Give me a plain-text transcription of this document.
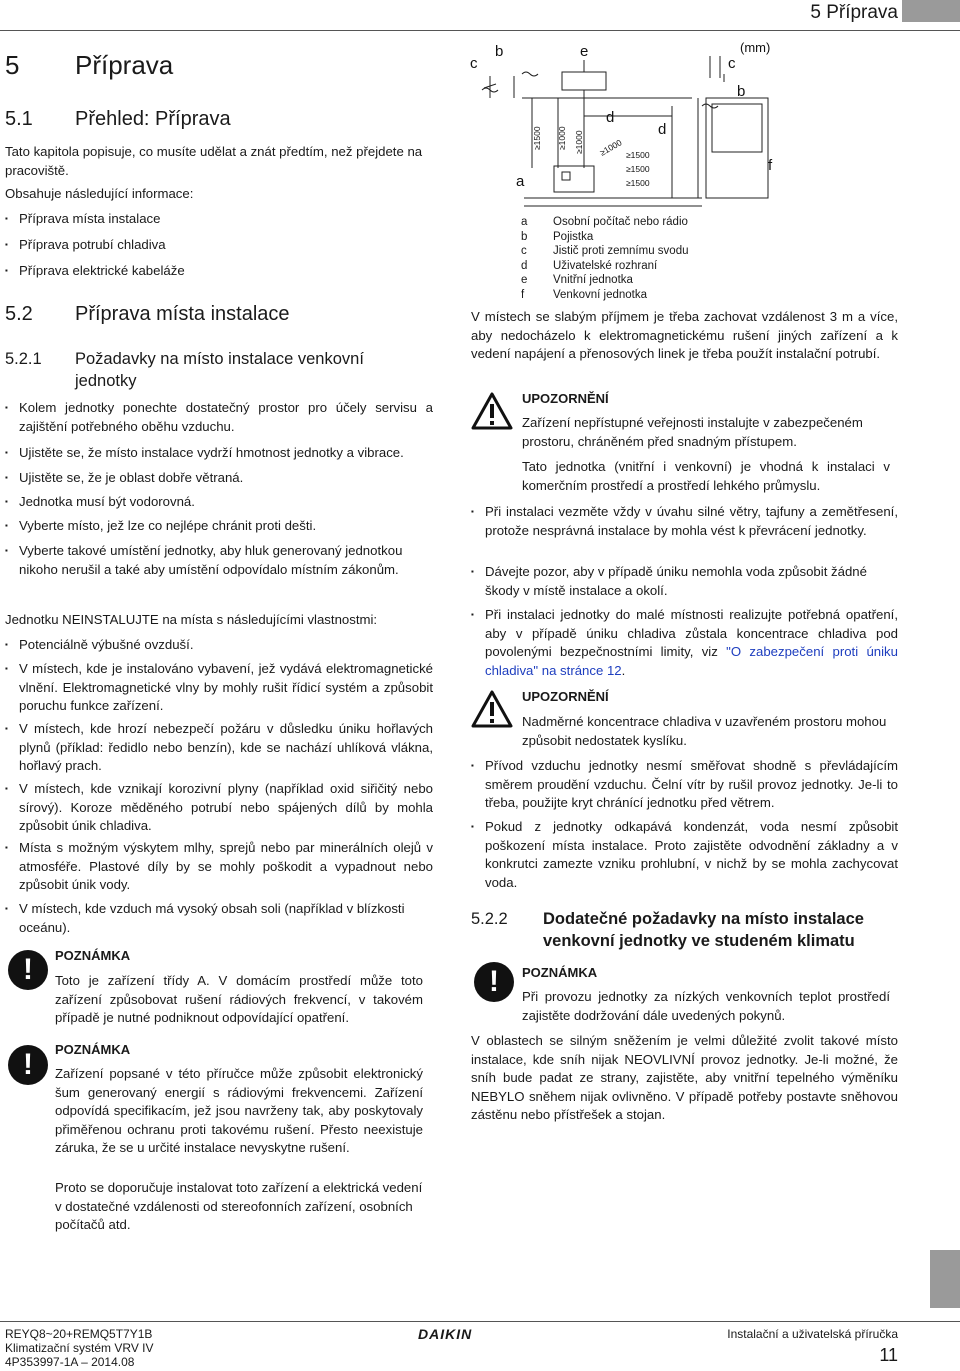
5 Příprava
5 Příprava
5.1 Přehled: Příprava
Tato kapitola popisuje, co musíte udělat a znát předtím, než přejdete na pracoviště.
Obsahuje následující informace:
▪ Příprava místa instalace
▪ Příprava potrubí chladiva
▪ Příprava elektrické kabeláže
5.2 Příprava místa instalace
5.2.1 Požadavky na místo instalace venkovní jednotky
▪ Kolem jednotky ponechte dostatečný prostor pro účely servisu a zajištění potřebného oběhu vzduchu.
▪ Ujistěte se, že místo instalace vydrží hmotnost jednotky a vibrace.
▪ Ujistěte se, že je oblast dobře větraná.
▪ Jednotka musí být vodorovná.
▪ Vyberte místo, jež lze co nejlépe chránit proti dešti.
▪ Vyberte takové umístění jednotky, aby hluk generovaný jednotkou nikoho nerušil a také aby umístění odpovídalo místním zákonům.
Jednotku NEINSTALUJTE na místa s následujícími vlastnostmi:
▪ Potenciálně výbušné ovzduší.
▪ V místech, kde je instalováno vybavení, jež vydává elektromagnetické vlnění. Elektromagnetické vlny by mohly rušit řídicí systém a způsobit poruchu funkce zařízení.
▪ V místech, kde hrozí nebezpečí požáru v důsledku úniku hořlavých plynů (příklad: ředidlo nebo benzín), kde se nachází uhlíková vlákna, hořlavý prach.
▪ V místech, kde vznikají korozivní plyny (například oxid siřičitý nebo sírový). Koroze měděného potrubí nebo spájených dílů by mohla způsobit únik chladiva.
▪ Místa s možným výskytem mlhy, sprejů nebo par minerálních olejů v atmosféře. Plastové díly by se mohly poškodit a vypadnout nebo způsobit únik vody.
▪ V místech, kde vzduch má vysoký obsah soli (například v blízkosti oceánu).
!	POZNÁMKA
Toto je zařízení třídy A. V domácím prostředí může toto zařízení způsobovat rušení rádiových frekvencí, v takovém případě je nutné podniknout odpovídající opatření.
!	POZNÁMKA
Zařízení popsané v této příručce může způsobit elektronický šum generovaný energií s rádiovými frekvencemi. Zařízení odpovídá specifikacím, jež jsou navrženy tak, aby poskytovaly přiměřenou ochranu proti takovému rušení. Přesto neexistuje záruka, že se u určité instalace nevyskytne rušení.
Proto se doporučuje instalovat toto zařízení a elektrická vedení v dostatečné vzdálenosti od stereofonních zařízení, osobních počítačů atd.
c
b	e
c
b
d
d
a
f
(mm)
≥1500 ≥1000 ≥1000 ≥1000 ≥1500
≥1500
≥1500
a	Osobní počítač nebo rádio
b	Pojistka
c	Jistič proti zemnímu svodu
d	Uživatelské rozhraní
e	Vnitřní jednotka
f	Venkovní jednotka
V místech se slabým příjmem je třeba zachovat vzdálenost 3 m a více, aby nedocházelo k elektromagnetickému rušení jiných zařízení a k vedení napájení a přenosových linek je třeba použít instalační potrubí.
UPOZORNĚNÍ
Zařízení nepřístupné veřejnosti instalujte v zabezpečeném prostoru, chráněném před snadným přístupem.
Tato jednotka (vnitřní i venkovní) je vhodná k instalaci v komerčním prostředí a prostředí lehkého průmyslu.
▪ Při instalaci vezměte vždy v úvahu silné větry, tajfuny a zemětřesení, protože nesprávná instalace by mohla vést k převrácení jednotky.
▪ Dávejte pozor, aby v případě úniku nemohla voda způsobit žádné škody v místě instalace a okolí.
▪ Při instalaci jednotky do malé místnosti realizujte potřebná opatření, aby v případě úniku chladiva zůstala koncentrace chladiva pod povolenými bezpečnostními limity, viz "O zabezpečení proti úniku chladiva" na stránce 12.
UPOZORNĚNÍ
Nadměrné koncentrace chladiva v uzavřeném prostoru mohou způsobit nedostatek kyslíku.
▪ Přívod vzduchu jednotky nesmí směřovat shodně s převládajícím směrem proudění vzduchu. Čelní vítr by rušil provoz jednotky. Je-li to třeba, použijte kryt chránící jednotku před větrem.
▪ Pokud z jednotky odkapává kondenzát, voda nesmí způsobit poškození místa instalace. Proto zajistěte odvodnění základny a v konkrutci zamezte vzniku prohlubní, v nichž by se mohla zachycovat voda.
5.2.2 Dodatečné požadavky na místo instalace venkovní jednotky ve studeném klimatu
!	POZNÁMKA
Při provozu jednotky za nízkých venkovních teplot prostředí zajistěte dodržování dále uvedených pokynů.
V oblastech se silným sněžením je velmi důležité zvolit takové místo instalace, kde sníh nijak NEOVLIVNÍ provoz jednotky. Je-li možné, že sníh bude padat ze strany, zajistěte, aby vnitřní tepelného výměníku NEBYLO sněhem nijak ovlivněno. V případě potřeby postavte sněhovou zástěnu nebo přístřešek a stojan.
REYQ8~20+REMQ5T7Y1B
Klimatizační systém VRV IV
4P353997-1A – 2014.08
DAIKIN	Instalační a uživatelská příručka
11
